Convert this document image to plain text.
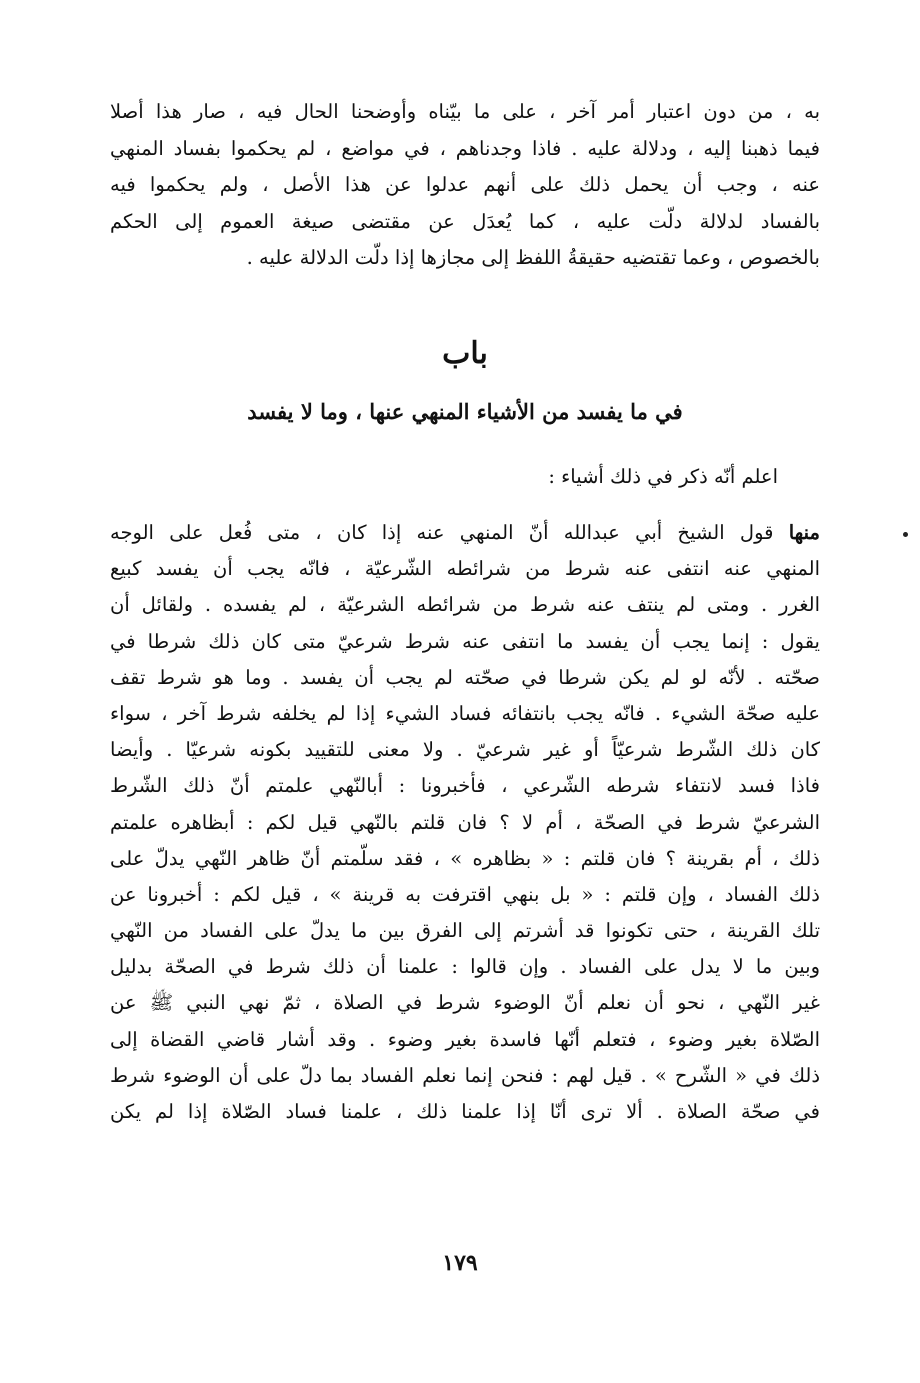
به ، من دون اعتبار أمر آخر ، على ما بيّناه وأوضحنا الحال فيه ، صار هذا أصلا
فيما ذهبنا إليه ، ودلالة عليه . فاذا وجدناهم ، في مواضع ، لم يحكموا بفساد المنهي
عنه ، وجب أن يحمل ذلك على أنهم عدلوا عن هذا الأصل ، ولم يحكموا فيه
بالفساد لدلالة دلّت عليه ، كما يُعدَل عن مقتضى صيغة العموم إلى الحكم
بالخصوص ، وعما تقتضيه حقيقةُ اللفظ إلى مجازها إذا دلّت الدلالة عليه .
باب
في ما يفسد من الأشياء المنهي عنها ، وما لا يفسد
اعلم أنّه ذكر في ذلك أشياء :
منها قول الشيخ أبي عبدالله أنّ المنهي عنه إذا كان ، متى فُعل على الوجه
المنهي عنه انتفى عنه شرط من شرائطه الشّرعيّة ، فانّه يجب أن يفسد كبيع
الغرر . ومتى لم ينتف عنه شرط من شرائطه الشرعيّة ، لم يفسده . ولقائل أن
يقول : إنما يجب أن يفسد ما انتفى عنه شرط شرعيّ متى كان ذلك شرطا في
صحّته . لأنّه لو لم يكن شرطا في صحّته لم يجب أن يفسد . وما هو شرط تقف
عليه صحّة الشيء . فانّه يجب بانتفائه فساد الشيء إذا لم يخلفه شرط آخر ، سواء
كان ذلك الشّرط شرعيّاً أو غير شرعيّ . ولا معنى للتقييد بكونه شرعيّا . وأيضا
فاذا فسد لانتفاء شرطه الشّرعي ، فأخبرونا : أبالنّهي علمتم أنّ ذلك الشّرط
الشرعيّ شرط في الصحّة ، أم لا ؟ فان قلتم بالنّهي قيل لكم : أبظاهره علمتم
ذلك ، أم بقرينة ؟ فان قلتم : « بظاهره » ، فقد سلّمتم أنّ ظاهر النّهي يدلّ على
ذلك الفساد ، وإن قلتم : « بل بنهي اقترفت به قرينة » ، قيل لكم : أخبرونا عن
تلك القرينة ، حتى تكونوا قد أشرتم إلى الفرق بين ما يدلّ على الفساد من النّهي
وبين ما لا يدل على الفساد . وإن قالوا : علمنا أن ذلك شرط في الصحّة بدليل
غير النّهي ، نحو أن نعلم أنّ الوضوء شرط في الصلاة ، ثمّ نهي النبي ﷺ عن
الصّلاة بغير وضوء ، فتعلم أنّها فاسدة بغير وضوء . وقد أشار قاضي القضاة إلى
ذلك في « الشّرح » . قيل لهم : فنحن إنما نعلم الفساد بما دلّ على أن الوضوء شرط
في صحّة الصلاة . ألا ترى أنّا إذا علمنا ذلك ، علمنا فساد الصّلاة إذا لم يكن
١٧٩
